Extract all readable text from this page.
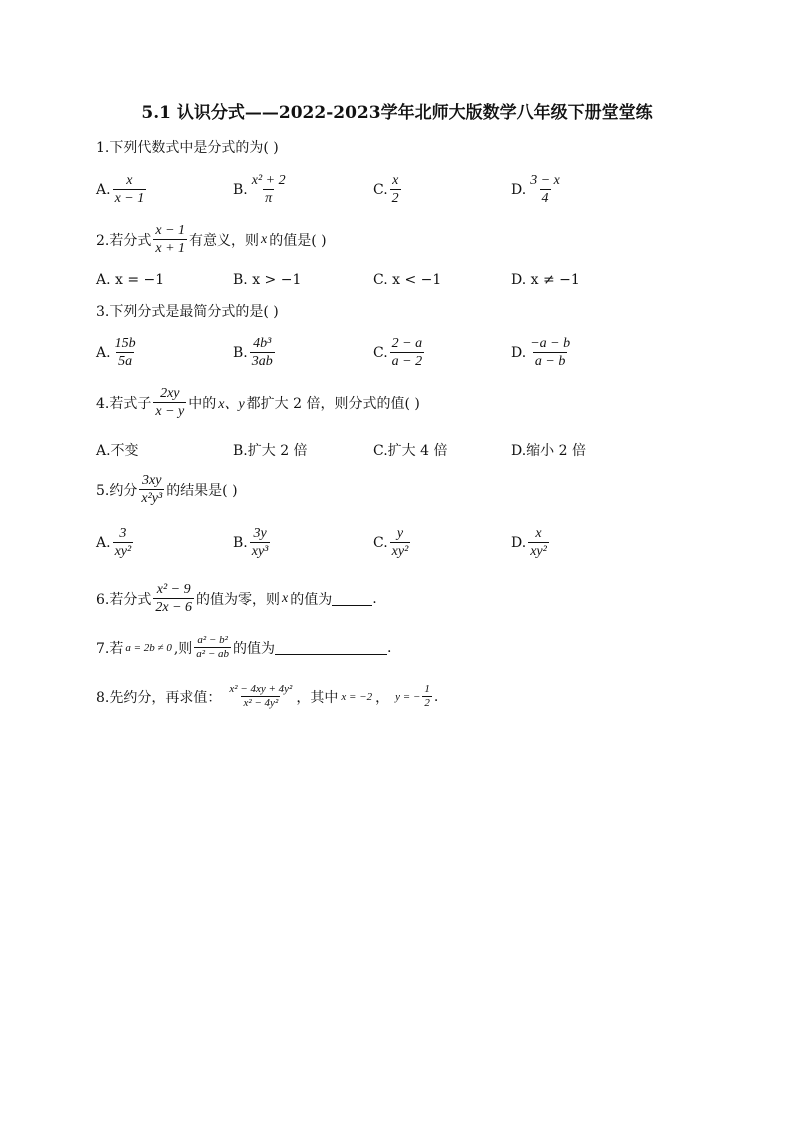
5.1 认识分式——2022-2023学年北师大版数学八年级下册堂堂练
1.下列代数式中是分式的为( )
A. $\frac{x}{x - 1}$	B. $\frac{\text{x² + 2}}{\pi}$	C. $\frac{x}{2}$	D. $\frac{3 - x}{4}$
2.若分式 $\frac{x - 1}{x + 1}$ 有意义，则 x 的值是( )
A. x = −1	B. x > −1	C. x < −1	D. x ≠ −1
3.下列分式是最简分式的是( )
A. $\frac{15b}{5a}$	B. $\frac{\text{4b³}}{3ab}$	C. $\frac{2 - a}{a - 2}$	D. $\frac{-a - b}{a - b}$
4.若式子 $\frac{2xy}{x - y}$ 中的 x、y 都扩大 2 倍，则分式的值( )
A.不变	B.扩大 2 倍	C.扩大 4 倍	D.缩小 2 倍
5.约分 $\frac{3xy}{\text{x²y³}}$ 的结果是( )
A. $\frac{3}{\text{xy²}}$	B. $\frac{3y}{\text{xy³}}$	C. $\frac{y}{\text{xy²}}$	D. $\frac{x}{\text{xy²}}$
6.若分式 $\frac{\text{x² − 9}}{2x - 6}$ 的值为零，则 x 的值为	.
7.若 a = 2b ≠ 0 ,则 $\frac{\text{a² − b²}}{\text{a² − ab}}$ 的值为	.
8.先约分，再求值： $\frac{\text{x² − 4xy + 4y²}}{\text{x² − 4y²}}$ ，其中 x = −2 ， y = − $\frac{1}{2}$ .
